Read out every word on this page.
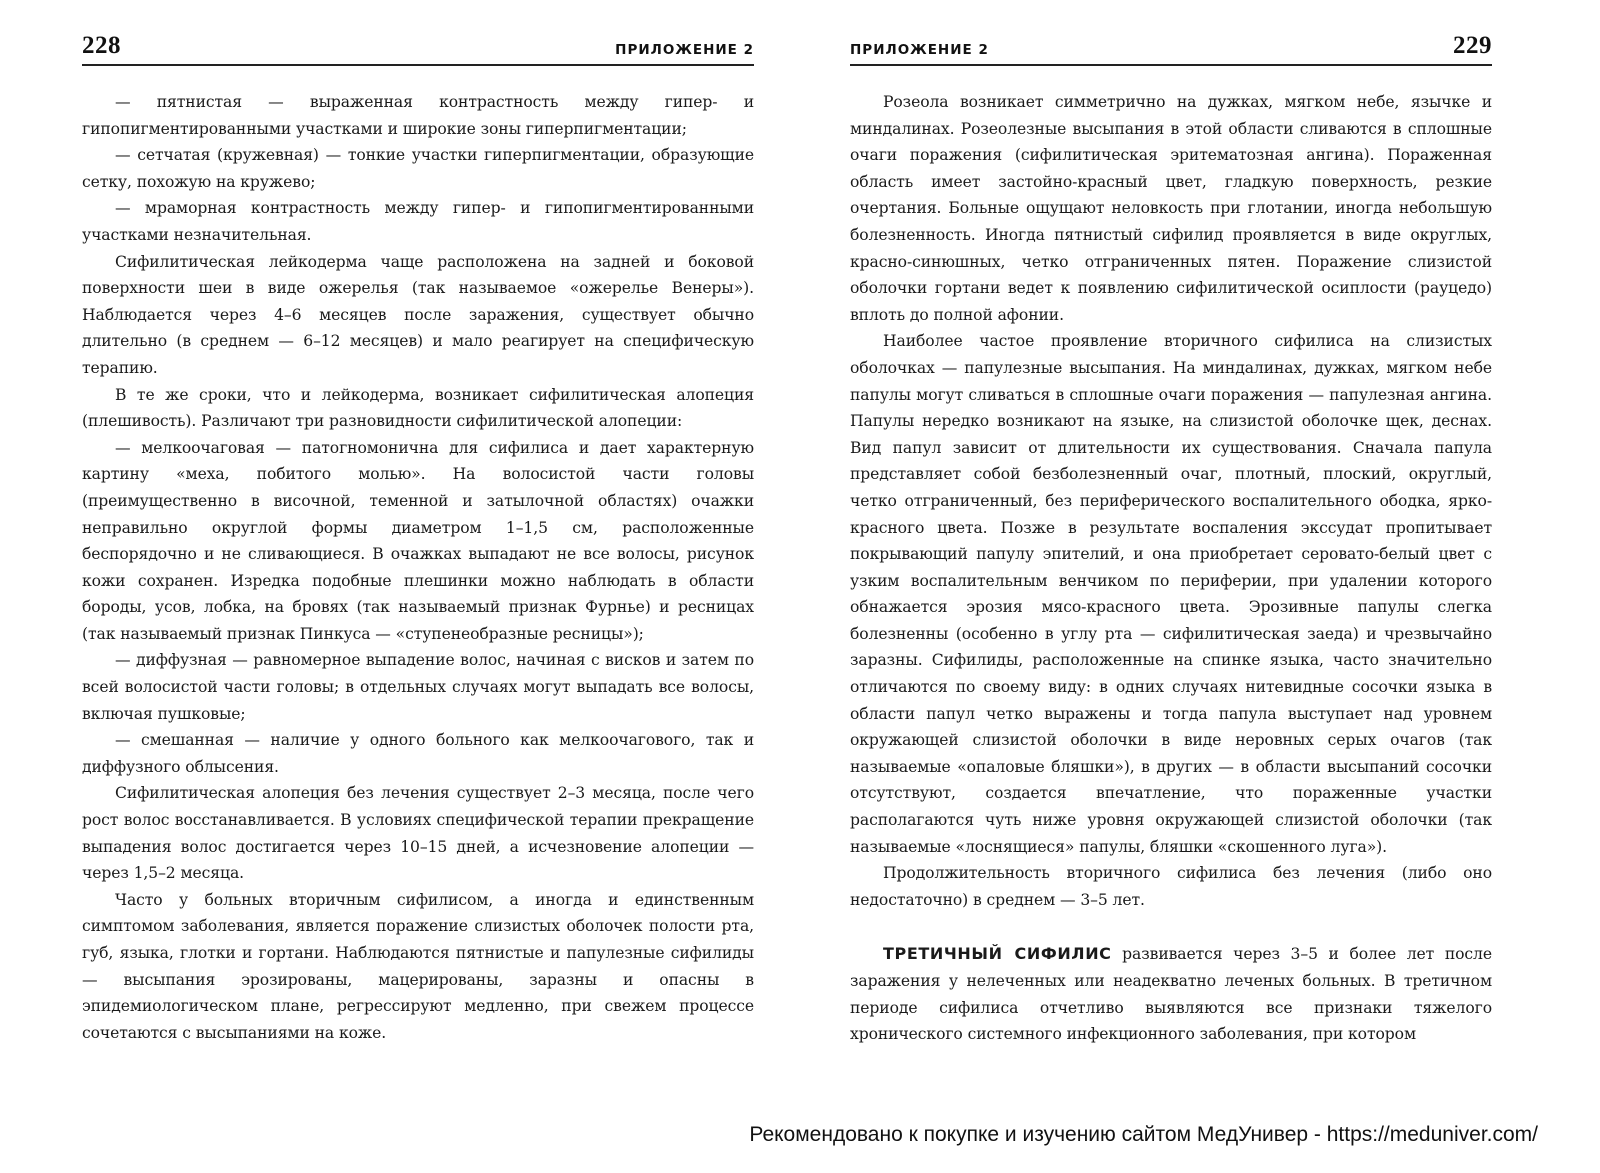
228	ПРИЛОЖЕНИЕ 2

— пятнистая — выраженная контрастность между гипер- и гипопигментированными участками и широкие зоны гиперпигментации;

— сетчатая (кружевная) — тонкие участки гиперпигментации, образующие сетку, похожую на кружево;

— мраморная контрастность между гипер- и гипопигментированными участками незначительная.

Сифилитическая лейкодерма чаще расположена на задней и боковой поверхности шеи в виде ожерелья (так называемое «ожерелье Венеры»). Наблюдается через 4–6 месяцев после заражения, существует обычно длительно (в среднем — 6–12 месяцев) и мало реагирует на специфическую терапию.

В те же сроки, что и лейкодерма, возникает сифилитическая алопеция (плешивость). Различают три разновидности сифилитической алопеции:

— мелкоочаговая — патогномонична для сифилиса и дает характерную картину «меха, побитого молью». На волосистой части головы (преимущественно в височной, теменной и затылочной областях) очажки неправильно округлой формы диаметром 1–1,5 см, расположенные беспорядочно и не сливающиеся. В очажках выпадают не все волосы, рисунок кожи сохранен. Изредка подобные плешинки можно наблюдать в области бороды, усов, лобка, на бровях (так называемый признак Фурнье) и ресницах (так называемый признак Пинкуса — «ступенеобразные ресницы»);

— диффузная — равномерное выпадение волос, начиная с висков и затем по всей волосистой части головы; в отдельных случаях могут выпадать все волосы, включая пушковые;

— смешанная — наличие у одного больного как мелкоочагового, так и диффузного облысения.

Сифилитическая алопеция без лечения существует 2–3 месяца, после чего рост волос восстанавливается. В условиях специфической терапии прекращение выпадения волос достигается через 10–15 дней, а исчезновение алопеции — через 1,5–2 месяца.

Часто у больных вторичным сифилисом, а иногда и единственным симптомом заболевания, является поражение слизистых оболочек полости рта, губ, языка, глотки и гортани. Наблюдаются пятнистые и папулезные сифилиды — высыпания эрозированы, мацерированы, заразны и опасны в эпидемиологическом плане, регрессируют медленно, при свежем процессе сочетаются с высыпаниями на коже.

ПРИЛОЖЕНИЕ 2	229

Розеола возникает симметрично на дужках, мягком небе, язычке и миндалинах. Розеолезные высыпания в этой области сливаются в сплошные очаги поражения (сифилитическая эритематозная ангина). Пораженная область имеет застойно-красный цвет, гладкую поверхность, резкие очертания. Больные ощущают неловкость при глотании, иногда небольшую болезненность. Иногда пятнистый сифилид проявляется в виде округлых, красно-синюшных, четко отграниченных пятен. Поражение слизистой оболочки гортани ведет к появлению сифилитической осиплости (рауцедо) вплоть до полной афонии.

Наиболее частое проявление вторичного сифилиса на слизистых оболочках — папулезные высыпания. На миндалинах, дужках, мягком небе папулы могут сливаться в сплошные очаги поражения — папулезная ангина. Папулы нередко возникают на языке, на слизистой оболочке щек, деснах. Вид папул зависит от длительности их существования. Сначала папула представляет собой безболезненный очаг, плотный, плоский, округлый, четко отграниченный, без периферического воспалительного ободка, ярко-красного цвета. Позже в результате воспаления экссудат пропитывает покрывающий папулу эпителий, и она приобретает серовато-белый цвет с узким воспалительным венчиком по периферии, при удалении которого обнажается эрозия мясо-красного цвета. Эрозивные папулы слегка болезненны (особенно в углу рта — сифилитическая заеда) и чрезвычайно заразны. Сифилиды, расположенные на спинке языка, часто значительно отличаются по своему виду: в одних случаях нитевидные сосочки языка в области папул четко выражены и тогда папула выступает над уровнем окружающей слизистой оболочки в виде неровных серых очагов (так называемые «опаловые бляшки»), в других — в области высыпаний сосочки отсутствуют, создается впечатление, что пораженные участки располагаются чуть ниже уровня окружающей слизистой оболочки (так называемые «лоснящиеся» папулы, бляшки «скошенного луга»).

Продолжительность вторичного сифилиса без лечения (либо оно недостаточно) в среднем — 3–5 лет.

ТРЕТИЧНЫЙ СИФИЛИС развивается через 3–5 и более лет после заражения у нелеченных или неадекватно леченых больных. В третичном периоде сифилиса отчетливо выявляются все признаки тяжелого хронического системного инфекционного заболевания, при котором

Рекомендовано к покупке и изучению сайтом МедУнивер - https://meduniver.com/
